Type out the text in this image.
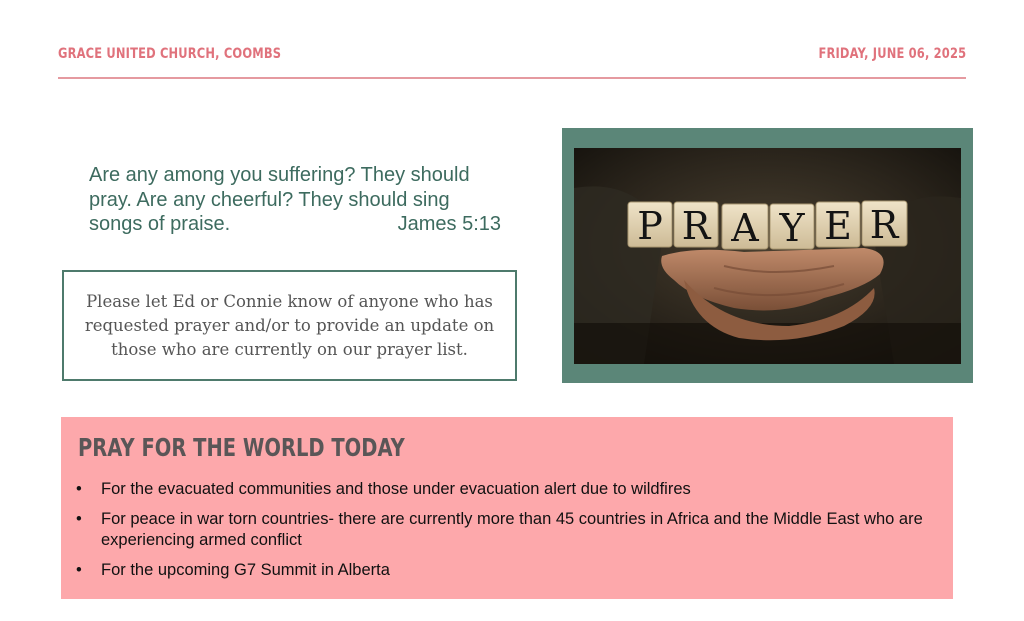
GRACE UNITED CHURCH, COOMBS	FRIDAY, JUNE 06, 2025
Are any among you suffering? They should
pray. Are any cheerful? They should sing
songs of praise.	James 5:13
Please let Ed or Connie know of anyone who has requested prayer and/or to provide an update on those who are currently on our prayer list.
P R A Y E R
PRAY FOR THE WORLD TODAY
• For the evacuated communities and those under evacuation alert due to wildfires
• For peace in war torn countries- there are currently more than 45 countries in Africa and the Middle East who are experiencing armed conflict
• For the upcoming G7 Summit in Alberta
